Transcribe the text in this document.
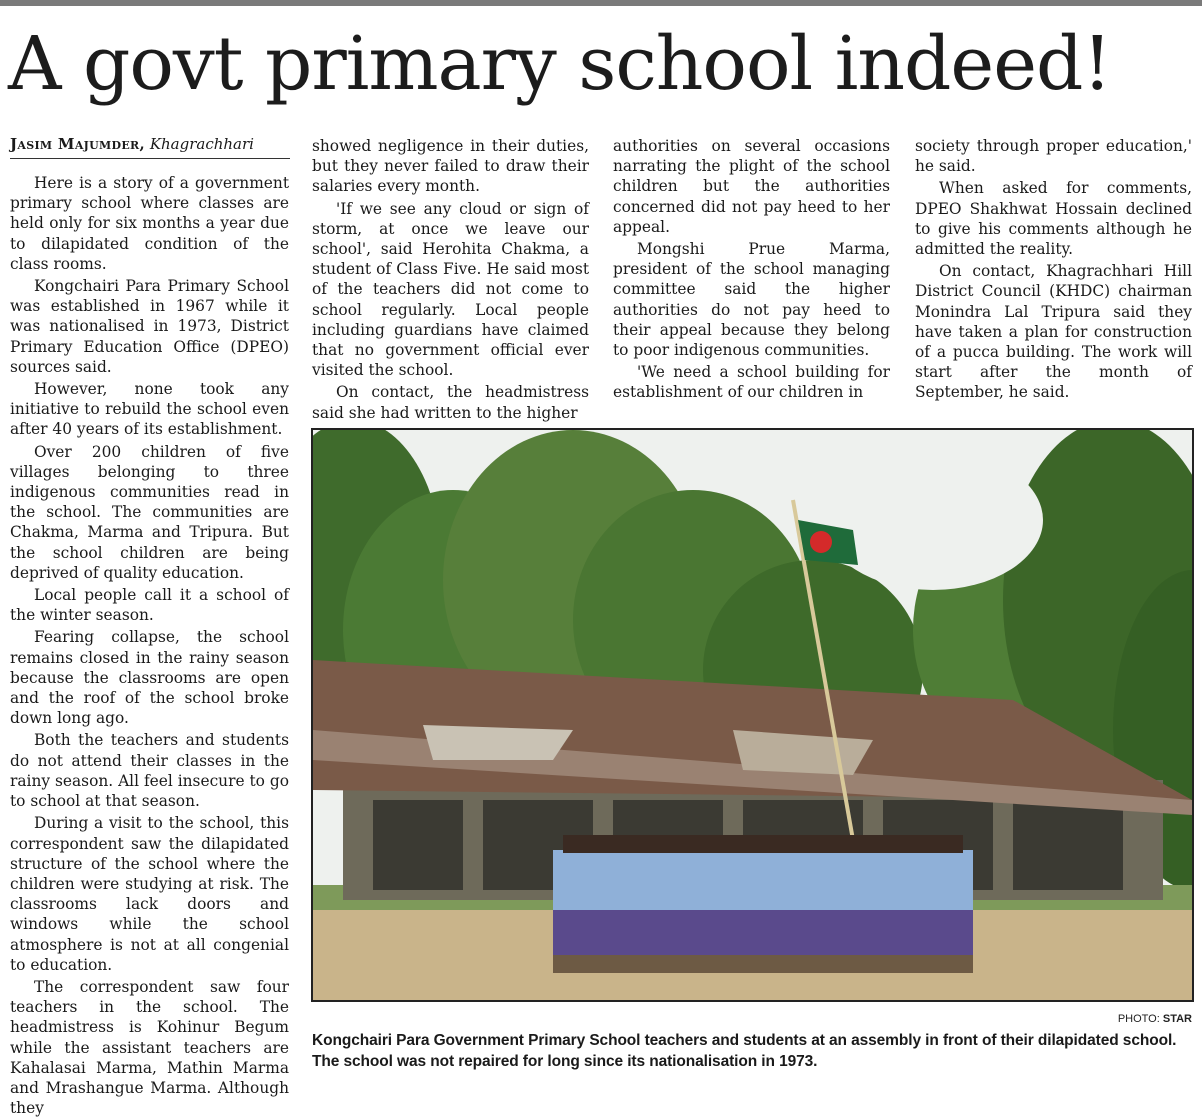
A govt primary school indeed!
Jasim Majumder, Khagrachhari

Here is a story of a government primary school where classes are held only for six months a year due to dilapidated condition of the class rooms.

Kongchairi Para Primary School was established in 1967 while it was nationalised in 1973, District Primary Education Office (DPEO) sources said.

However, none took any initiative to rebuild the school even after 40 years of its establishment.

Over 200 children of five villages belonging to three indigenous communities read in the school. The communities are Chakma, Marma and Tripura. But the school children are being deprived of quality education.

Local people call it a school of the winter season.

Fearing collapse, the school remains closed in the rainy season because the classrooms are open and the roof of the school broke down long ago.

Both the teachers and students do not attend their classes in the rainy season. All feel insecure to go to school at that season.

During a visit to the school, this correspondent saw the dilapidated structure of the school where the children were studying at risk. The classrooms lack doors and windows while the school atmosphere is not at all congenial to education.

The correspondent saw four teachers in the school. The headmistress is Kohinur Begum while the assistant teachers are Kahalasai Marma, Mathin Marma and Mrashangue Marma. Although they

showed negligence in their duties, but they never failed to draw their salaries every month.

'If we see any cloud or sign of storm, at once we leave our school', said Herohita Chakma, a student of Class Five. He said most of the teachers did not come to school regularly. Local people including guardians have claimed that no government official ever visited the school.

On contact, the headmistress said she had written to the higher

authorities on several occasions narrating the plight of the school children but the authorities concerned did not pay heed to her appeal.

Mongshi Prue Marma, president of the school managing committee said the higher authorities do not pay heed to their appeal because they belong to poor indigenous communities.

'We need a school building for establishment of our children in

society through proper education,' he said.

When asked for comments, DPEO Shakhwat Hossain declined to give his comments although he admitted the reality.

On contact, Khagrachhari Hill District Council (KHDC) chairman Monindra Lal Tripura said they have taken a plan for construction of a pucca building. The work will start after the month of September, he said.

PHOTO: STAR
Kongchairi Para Government Primary School teachers and students at an assembly in front of their dilapidated school. The school was not repaired for long since its nationalisation in 1973.
